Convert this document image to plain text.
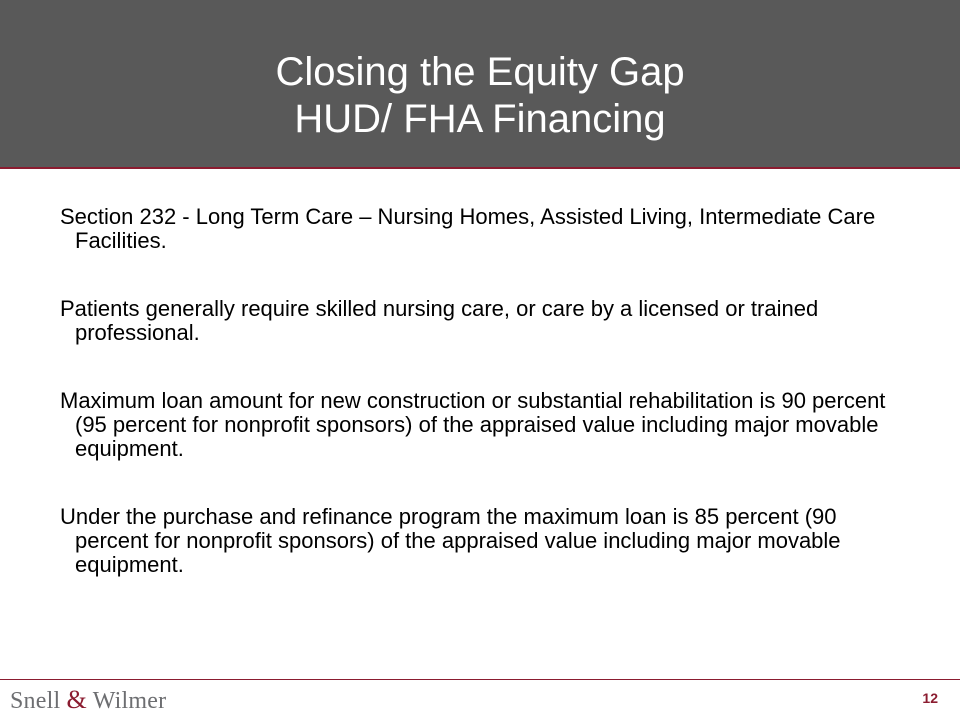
Closing the Equity Gap
HUD/ FHA Financing

Section 232 - Long Term Care – Nursing Homes, Assisted Living, Intermediate Care Facilities.

Patients generally require skilled nursing care, or care by a licensed or trained professional.

Maximum loan amount for new construction or substantial rehabilitation is 90 percent (95 percent for nonprofit sponsors) of the appraised value including major movable equipment.

Under the purchase and refinance program the maximum loan is 85 percent (90 percent for nonprofit sponsors) of the appraised value including major movable equipment.

Snell & Wilmer	12
